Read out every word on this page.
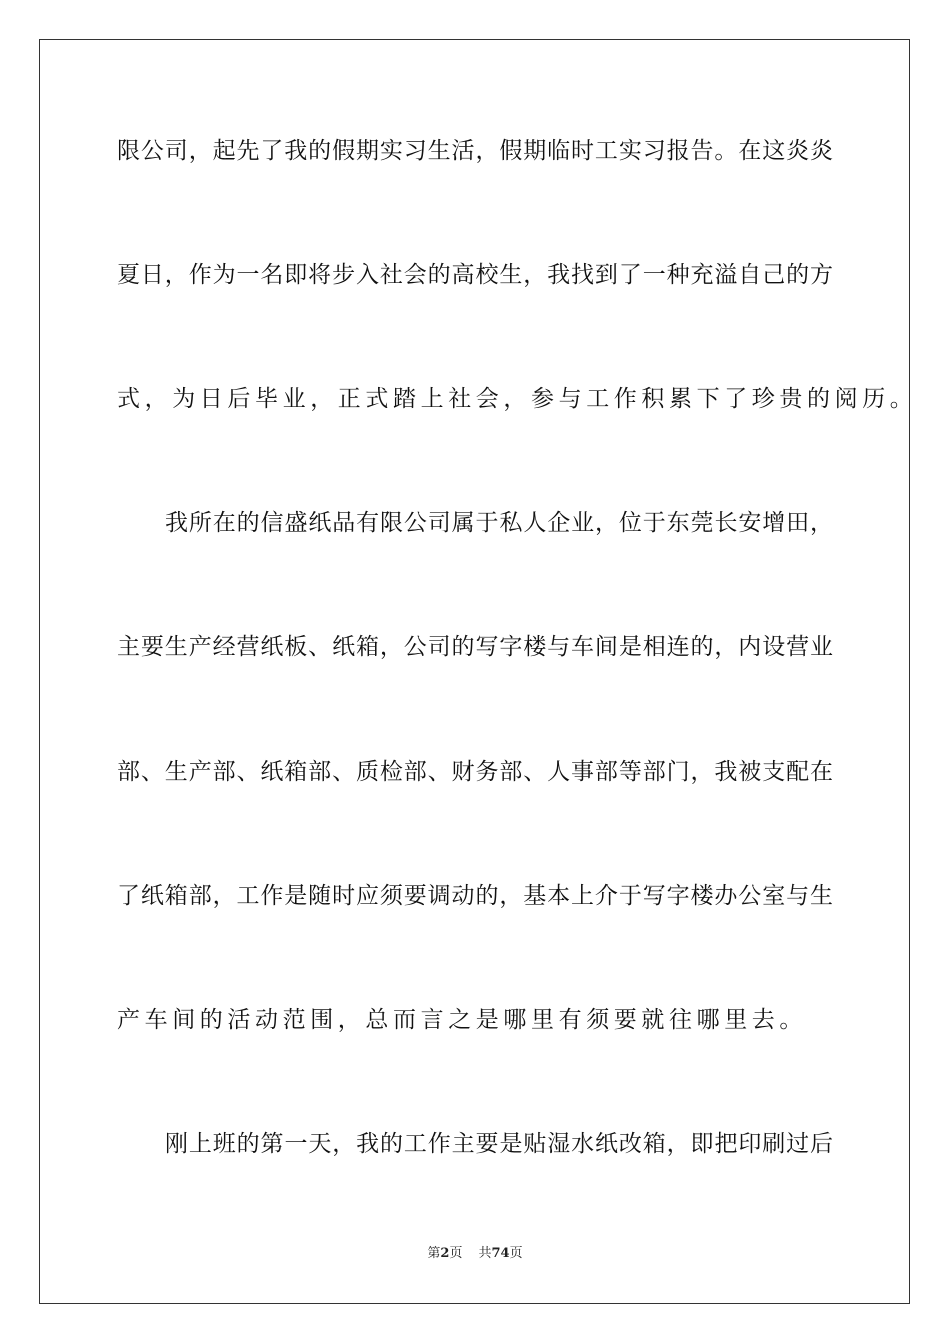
限公司，起先了我的假期实习生活，假期临时工实习报告。在这炎炎
夏日，作为一名即将步入社会的高校生，我找到了一种充溢自己的方
式，为日后毕业，正式踏上社会，参与工作积累下了珍贵的阅历。
我所在的信盛纸品有限公司属于私人企业，位于东莞长安增田，
主要生产经营纸板、纸箱，公司的写字楼与车间是相连的，内设营业
部、生产部、纸箱部、质检部、财务部、人事部等部门，我被支配在
了纸箱部，工作是随时应须要调动的，基本上介于写字楼办公室与生
产车间的活动范围，总而言之是哪里有须要就往哪里去。
刚上班的第一天，我的工作主要是贴湿水纸改箱，即把印刷过后
第2页 共74页
